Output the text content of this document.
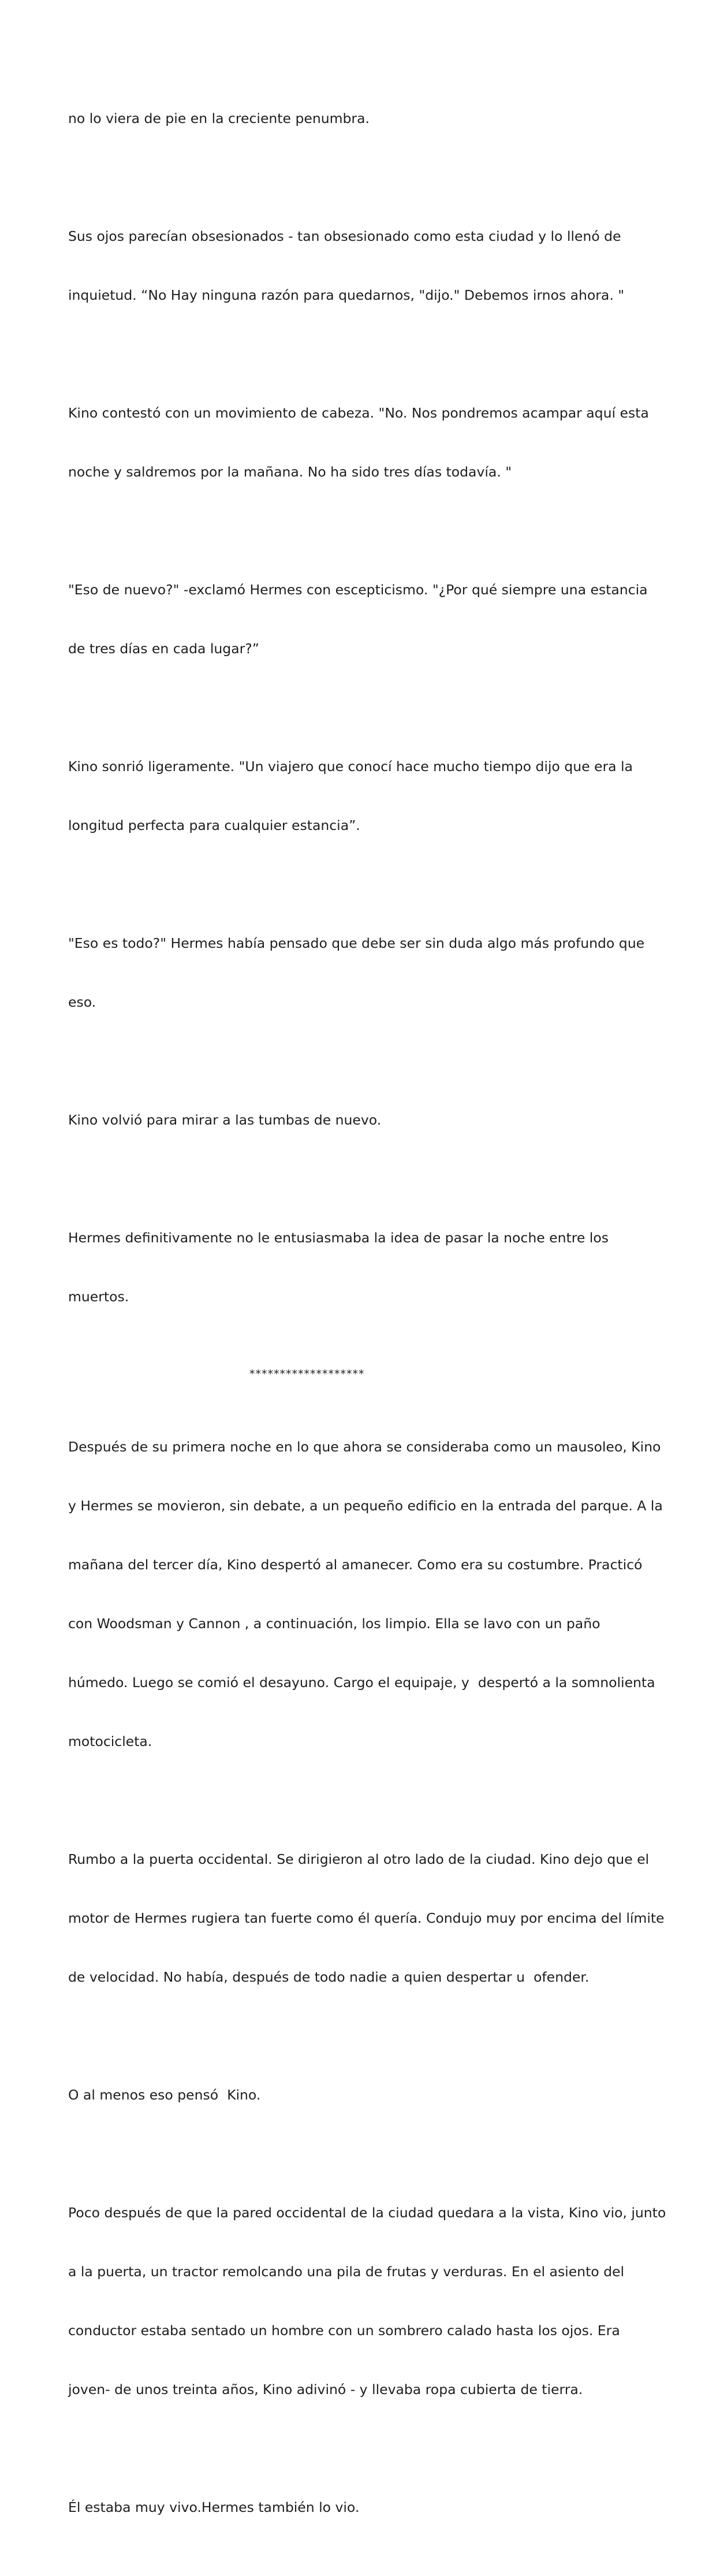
no lo viera de pie en la creciente penumbra.

Sus ojos parecían obsesionados - tan obsesionado como esta ciudad y lo llenó de

inquietud. “No Hay ninguna razón para quedarnos, "dijo." Debemos irnos ahora. "

Kino contestó con un movimiento de cabeza. "No. Nos pondremos acampar aquí esta

noche y saldremos por la mañana. No ha sido tres días todavía. "

"Eso de nuevo?" -exclamó Hermes con escepticismo. "¿Por qué siempre una estancia

de tres días en cada lugar?”

Kino sonrió ligeramente. "Un viajero que conocí hace mucho tiempo dijo que era la

longitud perfecta para cualquier estancia”.

"Eso es todo?" Hermes había pensado que debe ser sin duda algo más profundo que

eso.

Kino volvió para mirar a las tumbas de nuevo.

Hermes definitivamente no le entusiasmaba la idea de pasar la noche entre los

muertos.

*******************

Después de su primera noche en lo que ahora se consideraba como un mausoleo, Kino

y Hermes se movieron, sin debate, a un pequeño edificio en la entrada del parque. A la

mañana del tercer día, Kino despertó al amanecer. Como era su costumbre. Practicó

con Woodsman y Cannon , a continuación, los limpio. Ella se lavo con un paño

húmedo. Luego se comió el desayuno. Cargo el equipaje, y  despertó a la somnolienta

motocicleta.

Rumbo a la puerta occidental. Se dirigieron al otro lado de la ciudad. Kino dejo que el

motor de Hermes rugiera tan fuerte como él quería. Condujo muy por encima del límite

de velocidad. No había, después de todo nadie a quien despertar u  ofender.

O al menos eso pensó  Kino.

Poco después de que la pared occidental de la ciudad quedara a la vista, Kino vio, junto

a la puerta, un tractor remolcando una pila de frutas y verduras. En el asiento del

conductor estaba sentado un hombre con un sombrero calado hasta los ojos. Era

joven- de unos treinta años, Kino adivinó - y llevaba ropa cubierta de tierra.

Él estaba muy vivo.Hermes también lo vio.
